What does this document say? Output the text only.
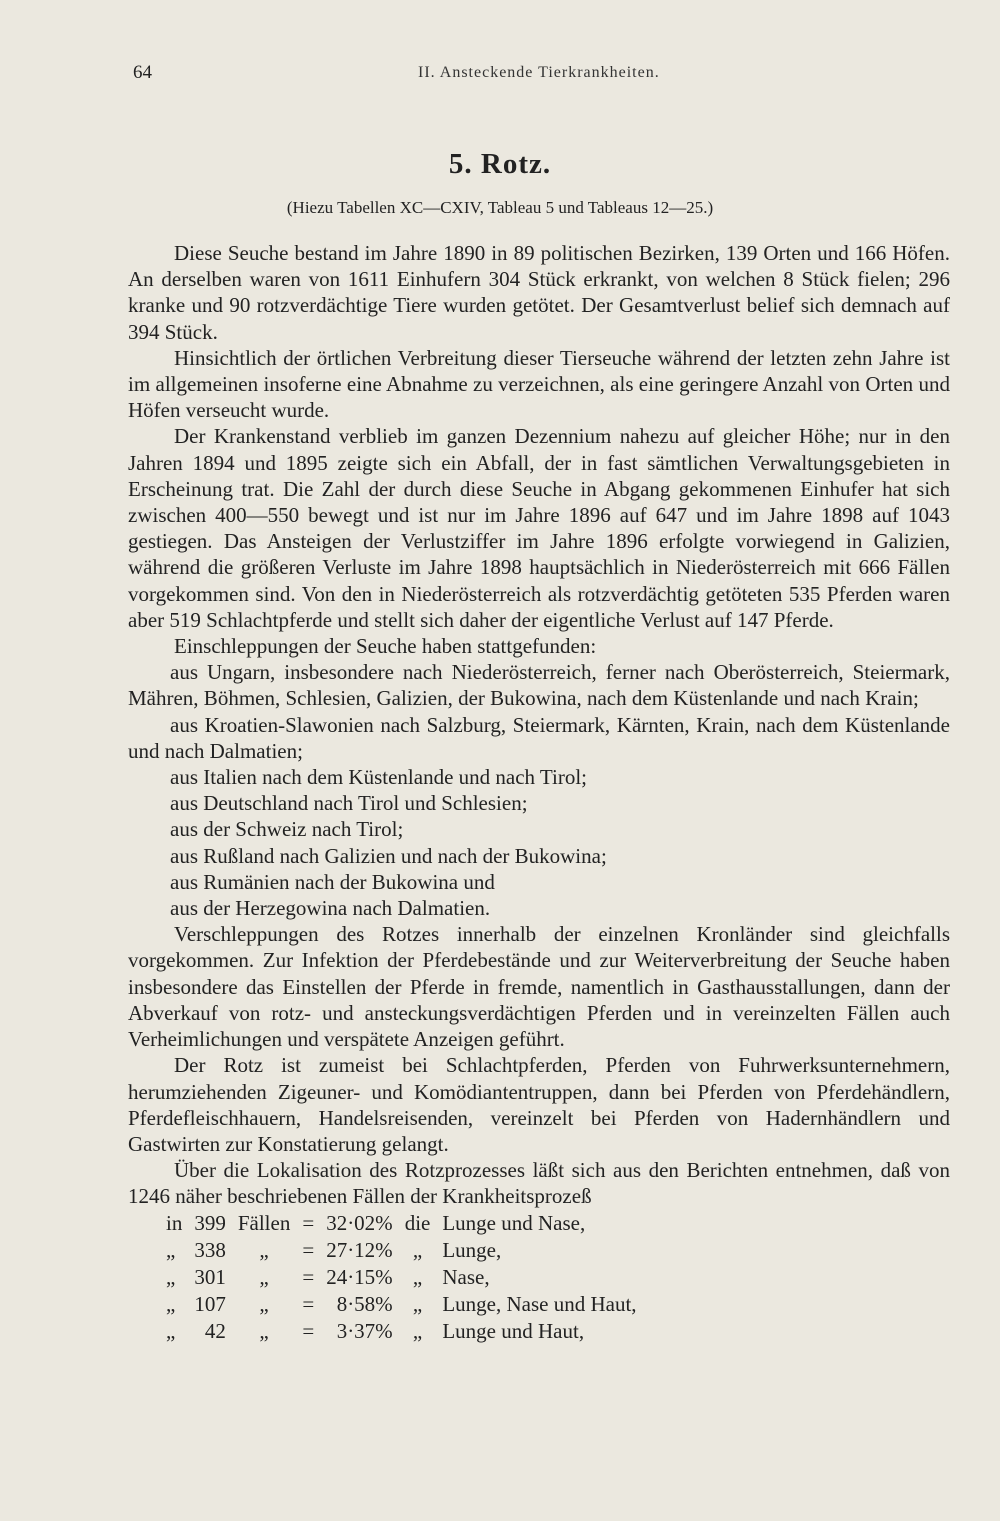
64	II. Ansteckende Tierkrankheiten.
5. Rotz.
(Hiezu Tabellen XC—CXIV, Tableau 5 und Tableaus 12—25.)

Diese Seuche bestand im Jahre 1890 in 89 politischen Bezirken, 139 Orten und 166 Höfen. An derselben waren von 1611 Einhufern 304 Stück erkrankt, von welchen 8 Stück fielen; 296 kranke und 90 rotzverdächtige Tiere wurden getötet. Der Gesamtverlust belief sich demnach auf 394 Stück.

Hinsichtlich der örtlichen Verbreitung dieser Tierseuche während der letzten zehn Jahre ist im allgemeinen insoferne eine Abnahme zu verzeichnen, als eine geringere Anzahl von Orten und Höfen verseucht wurde.

Der Krankenstand verblieb im ganzen Dezennium nahezu auf gleicher Höhe; nur in den Jahren 1894 und 1895 zeigte sich ein Abfall, der in fast sämtlichen Verwaltungsgebieten in Erscheinung trat. Die Zahl der durch diese Seuche in Abgang gekommenen Einhufer hat sich zwischen 400—550 bewegt und ist nur im Jahre 1896 auf 647 und im Jahre 1898 auf 1043 gestiegen. Das Ansteigen der Verlustziffer im Jahre 1896 erfolgte vorwiegend in Galizien, während die größeren Verluste im Jahre 1898 hauptsächlich in Niederösterreich mit 666 Fällen vorgekommen sind. Von den in Niederösterreich als rotzverdächtig getöteten 535 Pferden waren aber 519 Schlachtpferde und stellt sich daher der eigentliche Verlust auf 147 Pferde.

Einschleppungen der Seuche haben stattgefunden:

aus Ungarn, insbesondere nach Niederösterreich, ferner nach Oberösterreich, Steiermark, Mähren, Böhmen, Schlesien, Galizien, der Bukowina, nach dem Küstenlande und nach Krain;
aus Kroatien-Slawonien nach Salzburg, Steiermark, Kärnten, Krain, nach dem Küstenlande und nach Dalmatien;
aus Italien nach dem Küstenlande und nach Tirol;
aus Deutschland nach Tirol und Schlesien;
aus der Schweiz nach Tirol;
aus Rußland nach Galizien und nach der Bukowina;
aus Rumänien nach der Bukowina und
aus der Herzegowina nach Dalmatien.

Verschleppungen des Rotzes innerhalb der einzelnen Kronländer sind gleichfalls vorgekommen. Zur Infektion der Pferdebestände und zur Weiterverbreitung der Seuche haben insbesondere das Einstellen der Pferde in fremde, namentlich in Gasthausstallungen, dann der Abverkauf von rotz- und ansteckungsverdächtigen Pferden und in vereinzelten Fällen auch Verheimlichungen und verspätete Anzeigen geführt.

Der Rotz ist zumeist bei Schlachtpferden, Pferden von Fuhrwerksunternehmern, herumziehenden Zigeuner- und Komödiantentruppen, dann bei Pferden von Pferdehändlern, Pferdefleischhauern, Handelsreisenden, vereinzelt bei Pferden von Hadernhändlern und Gastwirten zur Konstatierung gelangt.

Über die Lokalisation des Rotzprozesses läßt sich aus den Berichten entnehmen, daß von 1246 näher beschriebenen Fällen der Krankheitsprozeß

in	399	Fällen	=	32·02%	die	Lunge und Nase,
„	338	„	=	27·12%	„	Lunge,
„	301	„	=	24·15%	„	Nase,
„	107	„	=	8·58%	„	Lunge, Nase und Haut,
„	42	„	=	3·37%	„	Lunge und Haut,
